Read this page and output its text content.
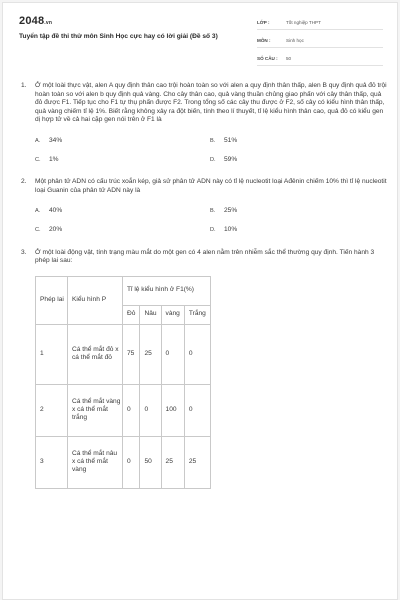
2048.vn
Tuyển tập đề thi thử môn Sinh Học cực hay có lời giải (Đề số 3)
LỚP :	Tốt nghiệp THPT
MÔN :	Sinh học
SỐ CÂU :	50
1. Ở một loài thực vật, alen A quy định thân cao trội hoàn toàn so với alen a quy định thân thấp, alen B quy định quả đỏ trội hoàn toàn so với alen b quy định quả vàng. Cho cây thân cao, quả vàng thuần chủng giao phấn với cây thân thấp, quả đỏ được F1. Tiếp tục cho F1 tự thụ phấn được F2. Trong tổng số các cây thu được ở F2, số cây có kiểu hình thân thấp, quả vàng chiếm tỉ lệ 1%. Biết rằng không xảy ra đột biến, tính theo lí thuyết, tỉ lệ kiểu hình thân cao, quả đỏ có kiểu gen dị hợp tử về cả hai cặp gen nói trên ở F1 là

A. 34%	B. 51%
C. 1%	D. 59%
2. Một phân tử ADN có cấu trúc xoắn kép, giả sử phân tử ADN này có tỉ lệ nucleotit loại Ađênin chiếm 10% thì tỉ lệ nucleotit loại Guanin của phân tử ADN này là

A. 40%	B. 25%
C. 20%	D. 10%
3. Ở một loài động vật, tính trạng màu mắt do một gen có 4 alen nằm trên nhiễm sắc thể thường quy định. Tiến hành 3 phép lai sau:

Phép lai	Kiểu hình P	Tỉ lệ kiểu hình ở F1(%)			
		Đỏ	Nâu	vàng	Trắng
1	Cá thể mắt đỏ x cá thể mắt đỏ	75	25	0	0
2	Cá thể mắt vàng x cá thể mắt trắng	0	0	100	0
3	Cá thể mắt nâu x cá thể mắt vàng	0	50	25	25
